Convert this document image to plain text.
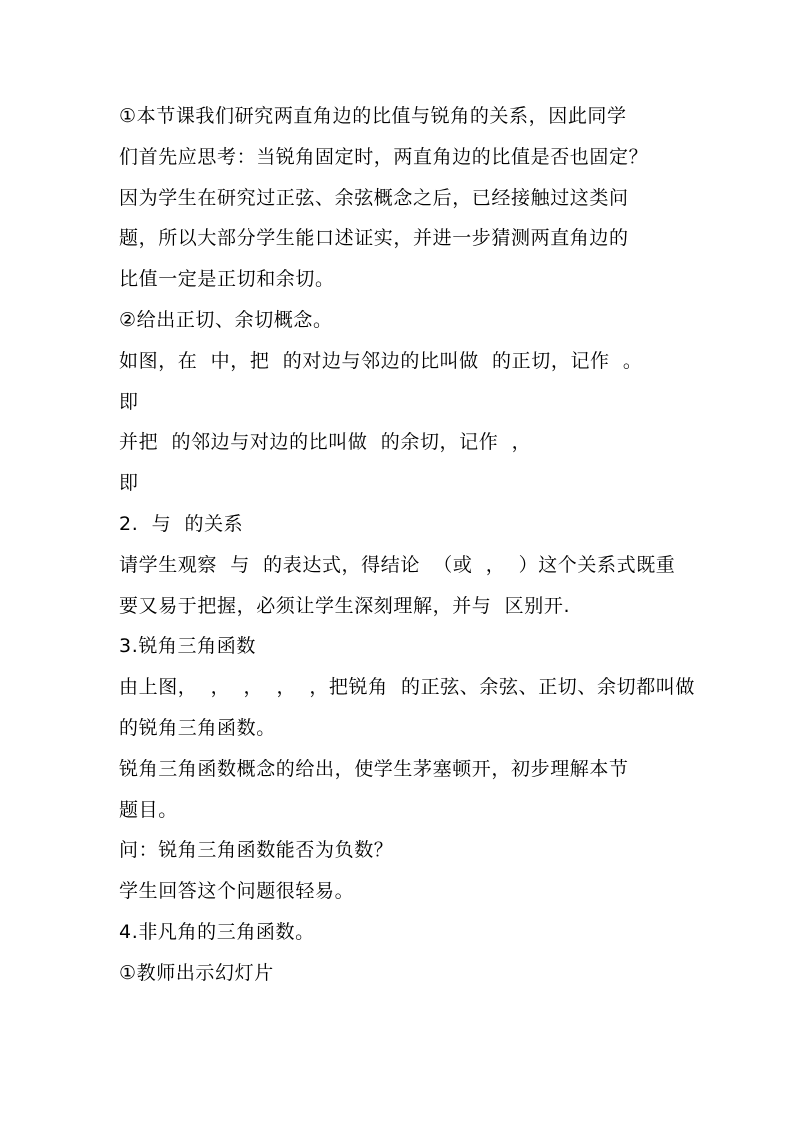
①本节课我们研究两直角边的比值与锐角的关系，因此同学
们首先应思考：当锐角固定时，两直角边的比值是否也固定？
因为学生在研究过正弦、余弦概念之后，已经接触过这类问
题，所以大部分学生能口述证实，并进一步猜测两直角边的
比值一定是正切和余切。
②给出正切、余切概念。
如图，在  中，把  的对边与邻边的比叫做  的正切，记作  。
即
并把  的邻边与对边的比叫做  的余切，记作  ，
即
2.  与  的关系
请学生观察  与  的表达式，得结论  （或  ，  ）这个关系式既重
要又易于把握，必须让学生深刻理解，并与  区别开.
3.锐角三角函数
由上图，  ，  ，  ，  ，把锐角  的正弦、余弦、正切、余切都叫做
的锐角三角函数。
锐角三角函数概念的给出，使学生茅塞顿开，初步理解本节
题目。
问：锐角三角函数能否为负数？
学生回答这个问题很轻易。
4.非凡角的三角函数。
①教师出示幻灯片
